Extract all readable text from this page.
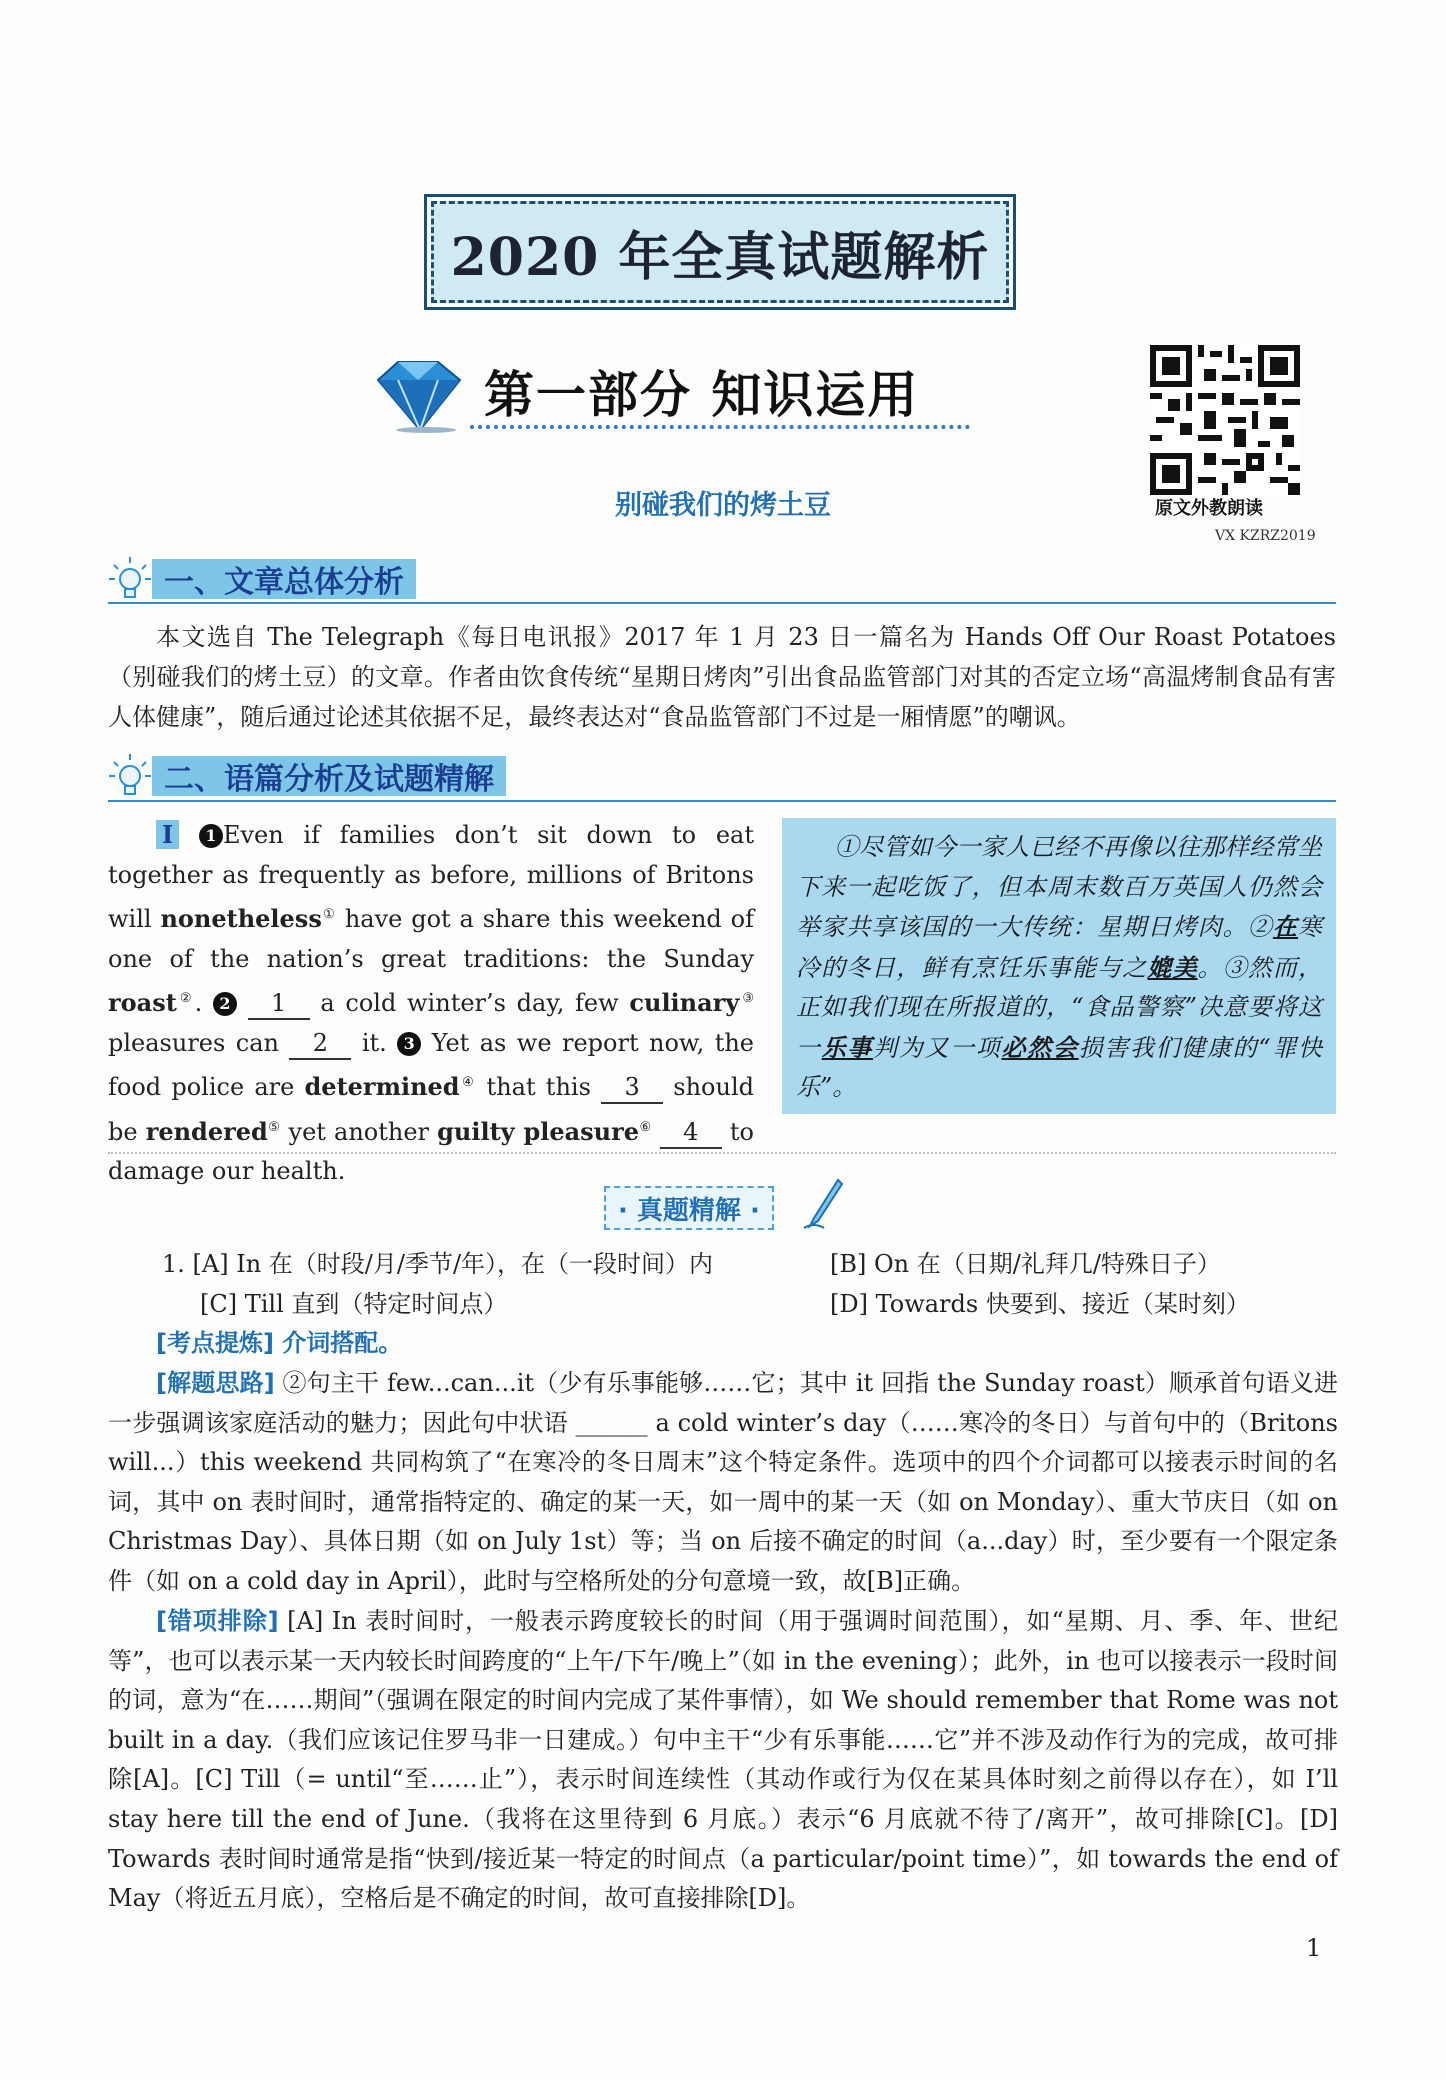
2020 年全真试题解析
第一部分 知识运用
原文外教朗读
VX KZRZ2019
别碰我们的烤土豆
一、文章总体分析

本文选自 The Telegraph《每日电讯报》2017 年 1 月 23 日一篇名为 Hands Off Our Roast Potatoes（别碰我们的烤土豆）的文章。作者由饮食传统“星期日烤肉”引出食品监管部门对其的否定立场“高温烤制食品有害人体健康”，随后通过论述其依据不足，最终表达对“食品监管部门不过是一厢情愿”的嘲讽。

二、语篇分析及试题精解
I 1 Even if families don’t sit down to eat together as frequently as before, millions of Britons will nonetheless① have got a share this weekend of one of the nation’s great traditions: the Sunday roast②. 2 1 a cold winter’s day, few culinary③ pleasures can 2 it. 3 Yet as we report now, the food police are determined④ that this 3 should be rendered⑤ yet another guilty pleasure⑥ 4 to damage our health.
①尽管如今一家人已经不再像以往那样经常坐下来一起吃饭了，但本周末数百万英国人仍然会举家共享该国的一大传统：星期日烤肉。②在寒冷的冬日，鲜有烹饪乐事能与之媲美。③然而，正如我们现在所报道的，“食品警察”决意要将这一乐事判为又一项必然会损害我们健康的“罪快乐”。
· 真题精解 ·
1. [A] In 在（时段/月/季节/年），在（一段时间）内	[B] On 在（日期/礼拜几/特殊日子）
[C] Till 直到（特定时间点）	[D] Towards 快要到、接近（某时刻）

[考点提炼] 介词搭配。

[解题思路] ②句主干 few...can...it（少有乐事能够……它；其中 it 回指 the Sunday roast）顺承首句语义进一步强调该家庭活动的魅力；因此句中状语 ______ a cold winter’s day（……寒冷的冬日）与首句中的（Britons will...）this weekend 共同构筑了“在寒冷的冬日周末”这个特定条件。选项中的四个介词都可以接表示时间的名词，其中 on 表时间时，通常指特定的、确定的某一天，如一周中的某一天（如 on Monday）、重大节庆日（如 on Christmas Day）、具体日期（如 on July 1st）等；当 on 后接不确定的时间（a...day）时，至少要有一个限定条件（如 on a cold day in April），此时与空格所处的分句意境一致，故[B]正确。

[错项排除] [A] In 表时间时，一般表示跨度较长的时间（用于强调时间范围），如“星期、月、季、年、世纪等”，也可以表示某一天内较长时间跨度的“上午/下午/晚上”（如 in the evening）；此外，in 也可以接表示一段时间的词，意为“在……期间”（强调在限定的时间内完成了某件事情），如 We should remember that Rome was not built in a day.（我们应该记住罗马非一日建成。）句中主干“少有乐事能……它”并不涉及动作行为的完成，故可排除[A]。[C] Till（= until“至……止”），表示时间连续性（其动作或行为仅在某具体时刻之前得以存在），如 I’ll stay here till the end of June.（我将在这里待到 6 月底。）表示“6 月底就不待了/离开”，故可排除[C]。[D] Towards 表时间时通常是指“快到/接近某一特定的时间点（a particular/point time）”，如 towards the end of May（将近五月底），空格后是不确定的时间，故可直接排除[D]。

1
